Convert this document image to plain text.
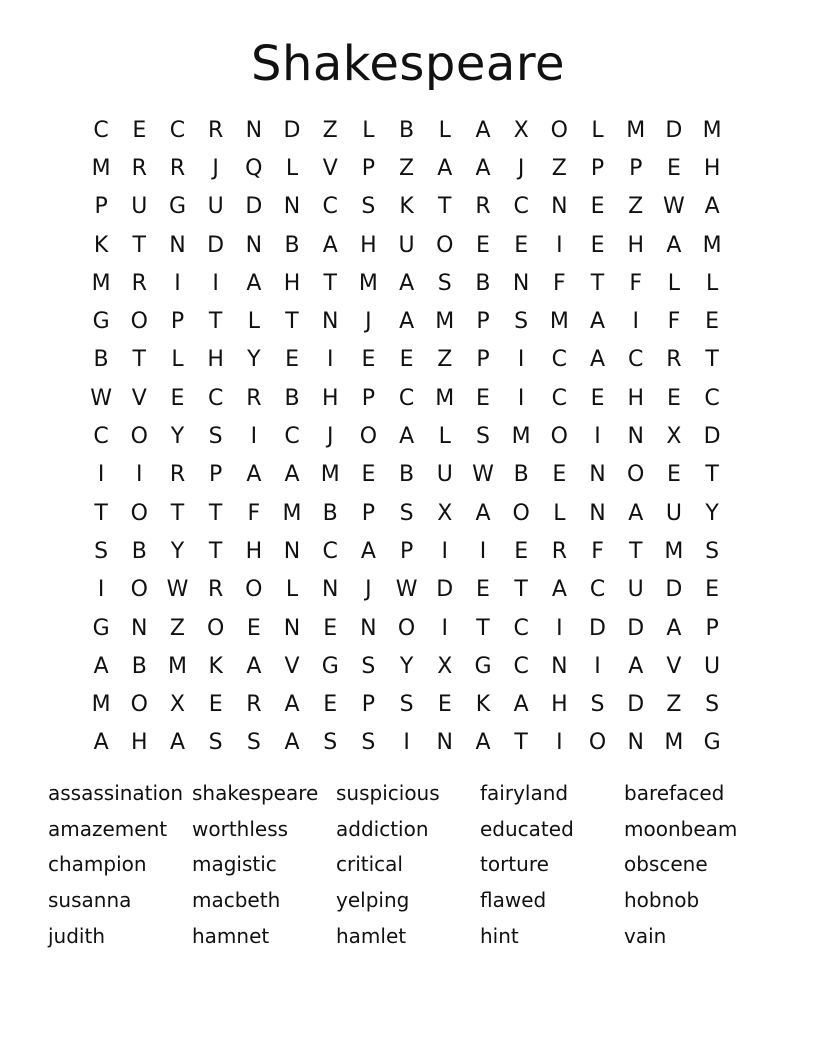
Shakespeare
C	E	C	R	N D	Z	L	B	L	A	X O	L	M D M
M R	R	J	Q	L	V	P	Z	A	A	J	Z	P	P	E	H
P	U G U D N	C	S	K	T	R	C	N	E	Z W A
K	T	N D N	B	A	H U O	E	E	I	E	H	A M
M R	I	I	A	H	T M A	S	B	N	F	T	F	L	L
G O	P	T	L	T	N	J	A M	P	S M A	I	F	E
B	T	L	H	Y	E	I	E	E	Z	P	I	C	A	C	R	T
W V	E	C	R	B	H	P	C M E	I	C	E	H	E	C
C O	Y	S	I	C	J	O	A	L	S M O	I	N	X	D
I	I	R	P	A	A M E	B	U W B	E	N O	E	T
T	O	T	T	F	M B	P	S	X	A O	L	N	A	U	Y
S	B	Y	T	H N	C	A	P	I	I	E	R	F	T M S
I	O W R O	L	N	J	W D	E	T	A	C	U D	E
G N	Z O	E	N	E	N O	I	T	C	I	D D	A	P
A	B M K	A	V	G	S	Y	X	G C	N	I	A	V	U
M O X	E	R	A	E	P	S	E	K	A	H	S	D	Z	S
A	H	A	S	S	A	S	S	I	N	A	T	I	O N M G
assassination shakespeare suspicious	fairyland	barefaced
amazement	worthless	addiction	educated	moonbeam
champion	magistic	critical	torture	obscene
susanna	macbeth	yelping	flawed	hobnob
judith	hamnet	hamlet	hint	vain
